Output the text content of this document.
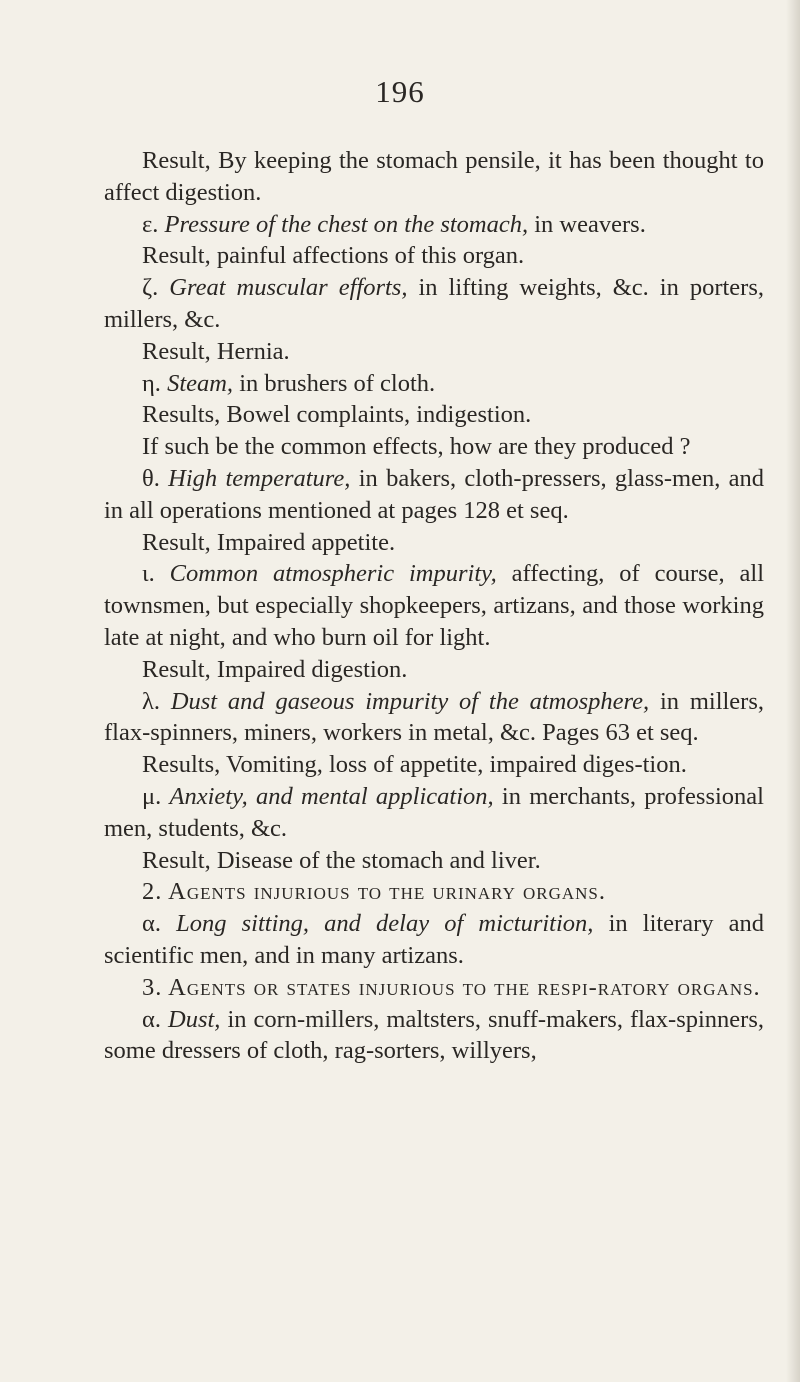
196

Result, By keeping the stomach pensile, it has been thought to affect digestion.

ε. Pressure of the chest on the stomach, in weavers.

Result, painful affections of this organ.

ζ. Great muscular efforts, in lifting weights, &c. in porters, millers, &c.

Result, Hernia.

η. Steam, in brushers of cloth.

Results, Bowel complaints, indigestion.

If such be the common effects, how are they produced ?

θ. High temperature, in bakers, cloth-pressers, glass-men, and in all operations mentioned at pages 128 et seq.

Result, Impaired appetite.

ι. Common atmospheric impurity, affecting, of course, all townsmen, but especially shopkeepers, artizans, and those working late at night, and who burn oil for light.

Result, Impaired digestion.

λ. Dust and gaseous impurity of the atmosphere, in millers, flax-spinners, miners, workers in metal, &c. Pages 63 et seq.

Results, Vomiting, loss of appetite, impaired diges-tion.

μ. Anxiety, and mental application, in merchants, professional men, students, &c.

Result, Disease of the stomach and liver.

2. Agents injurious to the urinary organs.

α. Long sitting, and delay of micturition, in literary and scientific men, and in many artizans.

3. Agents or states injurious to the respi-ratory organs.

α. Dust, in corn-millers, maltsters, snuff-makers, flax-spinners, some dressers of cloth, rag-sorters, willyers,
